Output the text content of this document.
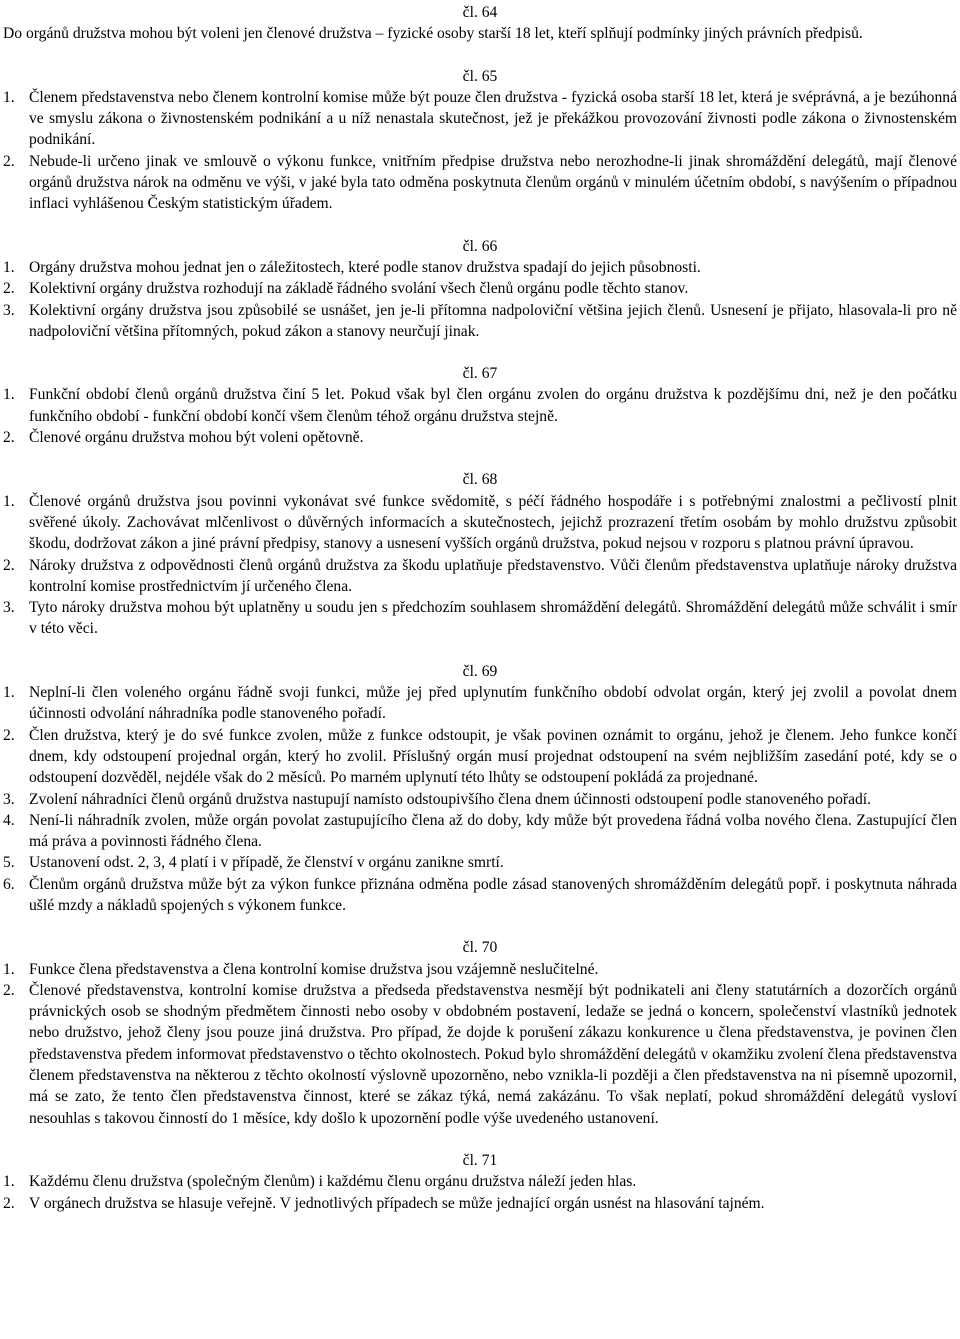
čl. 64
Do orgánů družstva mohou být voleni jen členové družstva – fyzické osoby starší 18 let, kteří splňují podmínky jiných právních předpisů.
čl. 65
1. Členem představenstva nebo členem kontrolní komise může být pouze člen družstva - fyzická osoba starší 18 let, která je svéprávná, a je bezúhonná ve smyslu zákona o živnostenském podnikání a u níž nenastala skutečnost, jež je překážkou provozování živnosti podle zákona o živnostenském podnikání.
2. Nebude-li určeno jinak ve smlouvě o výkonu funkce, vnitřním předpise družstva nebo nerozhodne-li jinak shromáždění delegátů, mají členové orgánů družstva nárok na odměnu ve výši, v jaké byla tato odměna poskytnuta členům orgánů v minulém účetním období, s navýšením o případnou inflaci vyhlášenou Českým statistickým úřadem.
čl. 66
1. Orgány družstva mohou jednat jen o záležitostech, které podle stanov družstva spadají do jejich působnosti.
2. Kolektivní orgány družstva rozhodují na základě řádného svolání všech členů orgánu podle těchto stanov.
3. Kolektivní orgány družstva jsou způsobilé se usnášet, jen je-li přítomna nadpoloviční většina jejich členů. Usnesení je přijato, hlasovala-li pro ně nadpoloviční většina přítomných, pokud zákon a stanovy neurčují jinak.
čl. 67
1. Funkční období členů orgánů družstva činí 5 let. Pokud však byl člen orgánu zvolen do orgánu družstva k pozdějšímu dni, než je den počátku funkčního období - funkční období končí všem členům téhož orgánu družstva stejně.
2. Členové orgánu družstva mohou být voleni opětovně.
čl. 68
1. Členové orgánů družstva jsou povinni vykonávat své funkce svědomitě, s péčí řádného hospodáře i s potřebnými znalostmi a pečlivostí plnit svěřené úkoly. Zachovávat mlčenlivost o důvěrných informacích a skutečnostech, jejichž prozrazení třetím osobám by mohlo družstvu způsobit škodu, dodržovat zákon a jiné právní předpisy, stanovy a usnesení vyšších orgánů družstva, pokud nejsou v rozporu s platnou právní úpravou.
2. Nároky družstva z odpovědnosti členů orgánů družstva za škodu uplatňuje představenstvo. Vůči členům představenstva uplatňuje nároky družstva kontrolní komise prostřednictvím jí určeného člena.
3. Tyto nároky družstva mohou být uplatněny u soudu jen s předchozím souhlasem shromáždění delegátů. Shromáždění delegátů může schválit i smír v této věci.
čl. 69
1. Neplní-li člen voleného orgánu řádně svoji funkci, může jej před uplynutím funkčního období odvolat orgán, který jej zvolil a povolat dnem účinnosti odvolání náhradníka podle stanoveného pořadí.
2. Člen družstva, který je do své funkce zvolen, může z funkce odstoupit, je však povinen oznámit to orgánu, jehož je členem. Jeho funkce končí dnem, kdy odstoupení projednal orgán, který ho zvolil. Příslušný orgán musí projednat odstoupení na svém nejbližším zasedání poté, kdy se o odstoupení dozvěděl, nejdéle však do 2 měsíců. Po marném uplynutí této lhůty se odstoupení pokládá za projednané.
3. Zvolení náhradníci členů orgánů družstva nastupují namísto odstoupivšího člena dnem účinnosti odstoupení podle stanoveného pořadí.
4. Není-li náhradník zvolen, může orgán povolat zastupujícího člena až do doby, kdy může být provedena řádná volba nového člena. Zastupující člen má práva a povinnosti řádného člena.
5. Ustanovení odst. 2, 3, 4 platí i v případě, že členství v orgánu zanikne smrtí.
6. Členům orgánů družstva může být za výkon funkce přiznána odměna podle zásad stanovených shromážděním delegátů popř. i poskytnuta náhrada ušlé mzdy a nákladů spojených s výkonem funkce.
čl. 70
1. Funkce člena představenstva a člena kontrolní komise družstva jsou vzájemně neslučitelné.
2. Členové představenstva, kontrolní komise družstva a předseda představenstva nesmějí být podnikateli ani členy statutárních a dozorčích orgánů právnických osob se shodným předmětem činnosti nebo osoby v obdobném postavení, ledaže se jedná o koncern, společenství vlastníků jednotek nebo družstvo, jehož členy jsou pouze jiná družstva. Pro případ, že dojde k porušení zákazu konkurence u člena představenstva, je povinen člen představenstva předem informovat představenstvo o těchto okolnostech. Pokud bylo shromáždění delegátů v okamžiku zvolení člena představenstva členem představenstva na některou z těchto okolností výslovně upozorněno, nebo vznikla-li později a člen představenstva na ni písemně upozornil, má se zato, že tento člen představenstva činnost, které se zákaz týká, nemá zakázánu. To však neplatí, pokud shromáždění delegátů vysloví nesouhlas s takovou činností do 1 měsíce, kdy došlo k upozornění podle výše uvedeného ustanovení.
čl. 71
1. Každému členu družstva (společným členům) i každému členu orgánu družstva náleží jeden hlas.
2. V orgánech družstva se hlasuje veřejně. V jednotlivých případech se může jednající orgán usnést na hlasování tajném.
